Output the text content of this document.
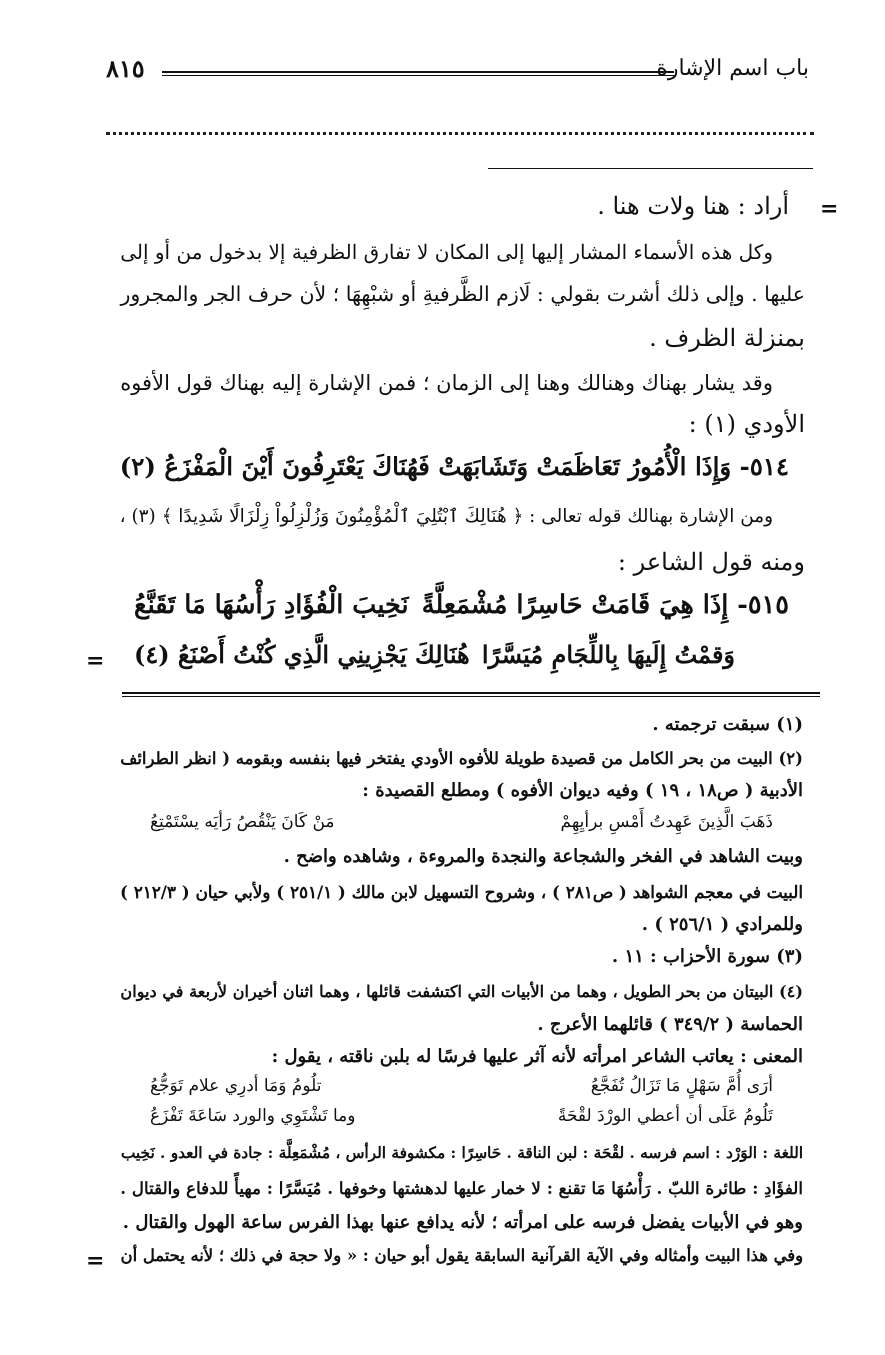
باب اسم الإشارة
٨١٥
=
أراد : هنا ولات هنا .
وكل هذه الأسماء المشار إليها إلى المكان لا تفارق الظرفية إلا بدخول من أو إلى
عليها . وإلى ذلك أشرت بقولي : لَازم الظَّرفيةِ أو شبْهِهَا ؛ لأن حرف الجر والمجرور
بمنزلة الظرف .
وقد يشار بهناك وهنالك وهنا إلى الزمان ؛ فمن الإشارة إليه بهناك قول الأفوه
الأودي (١) :
٥١٤- وَإِذَا الْأُمُورُ تَعَاظَمَتْ وَتَشَابَهَتْ فَهُنَاكَ يَعْتَرِفُونَ أَيْنَ الْمَفْزَعُ (٢)
ومن الإشارة بهنالك قوله تعالى : ﴿ هُنَالِكَ ٱبْتُلِيَ ٱلْمُؤْمِنُونَ وَزُلْزِلُواْ زِلْزَالًا شَدِيدًا ﴾ (٣) ،
ومنه قول الشاعر :
٥١٥- إِذَا هِيَ قَامَتْ حَاسِرًا مُشْمَعِلَّةً
نَخِيبَ الْفُؤَادِ رَأْسُهَا مَا تَقَنَّعُ
وَقمْتُ إِلَيهَا بِاللِّجَامِ مُيَسَّرًا
هُنَالِكَ يَجْزِينِي الَّذِي كُنْتُ أَصْنَعُ (٤)
=
(١) سبقت ترجمته .
(٢) البيت من بحر الكامل من قصيدة طويلة للأفوه الأودي يفتخر فيها بنفسه وبقومه ( انظر الطرائف
الأدبية ( ص١٨ ، ١٩ ) وفيه ديوان الأفوه ) ومطلع القصيدة :
ذَهَبَ الَّذِينَ عَهِدتُ أَمْسِ برأيِهِمْ
مَنْ كَانَ يَنْقُصُ رَأيَه يسْتَمْتِعُ
وبيت الشاهد في الفخر والشجاعة والنجدة والمروءة ، وشاهده واضح .
البيت في معجم الشواهد ( ص٢٨١ ) ، وشروح التسهيل لابن مالك ( ٢٥١/١ ) ولأبي حيان ( ٢١٢/٣ )
وللمرادي ( ٢٥٦/١ ) .
(٣) سورة الأحزاب : ١١ .
(٤) البيتان من بحر الطويل ، وهما من الأبيات التي اكتشفت قائلها ، وهما اثنان أخيران لأربعة في ديوان
الحماسة ( ٣٤٩/٢ ) قائلهما الأعرج .
المعنى : يعاتب الشاعر امرأته لأنه آثر عليها فرسًا له بلبن ناقته ، يقول :
أرَى أُمَّ سَهْلٍ مَا تَزَالُ تُفَجَّعُ
تلُومُ وَمَا أدرِي علام تَوَجُّعُ
تَلُومُ عَلَى أن أعطي الورْدَ لقْحَةً
وما تَشْتَوِي والورد سَاعَةَ تَفْزَعُ
اللغة : الوَرْد : اسم فرسه . لقْحَة : لبن الناقة . حَاسِرًا : مكشوفة الرأس ، مُشْمَعِلَّة : جادة في العدو . نَخِيب
الفؤَادِ : طائرة اللبّ . رَأْسُهَا مَا تقنع : لا خمار عليها لدهشتها وخوفها . مُيَسَّرًا : مهيأً للدفاع والقتال .
وهو في الأبيات يفضل فرسه على امرأته ؛ لأنه يدافع عنها بهذا الفرس ساعة الهول والقتال .
وفي هذا البيت وأمثاله وفي الآية القرآنية السابقة يقول أبو حيان : « ولا حجة في ذلك ؛ لأنه يحتمل أن
=
